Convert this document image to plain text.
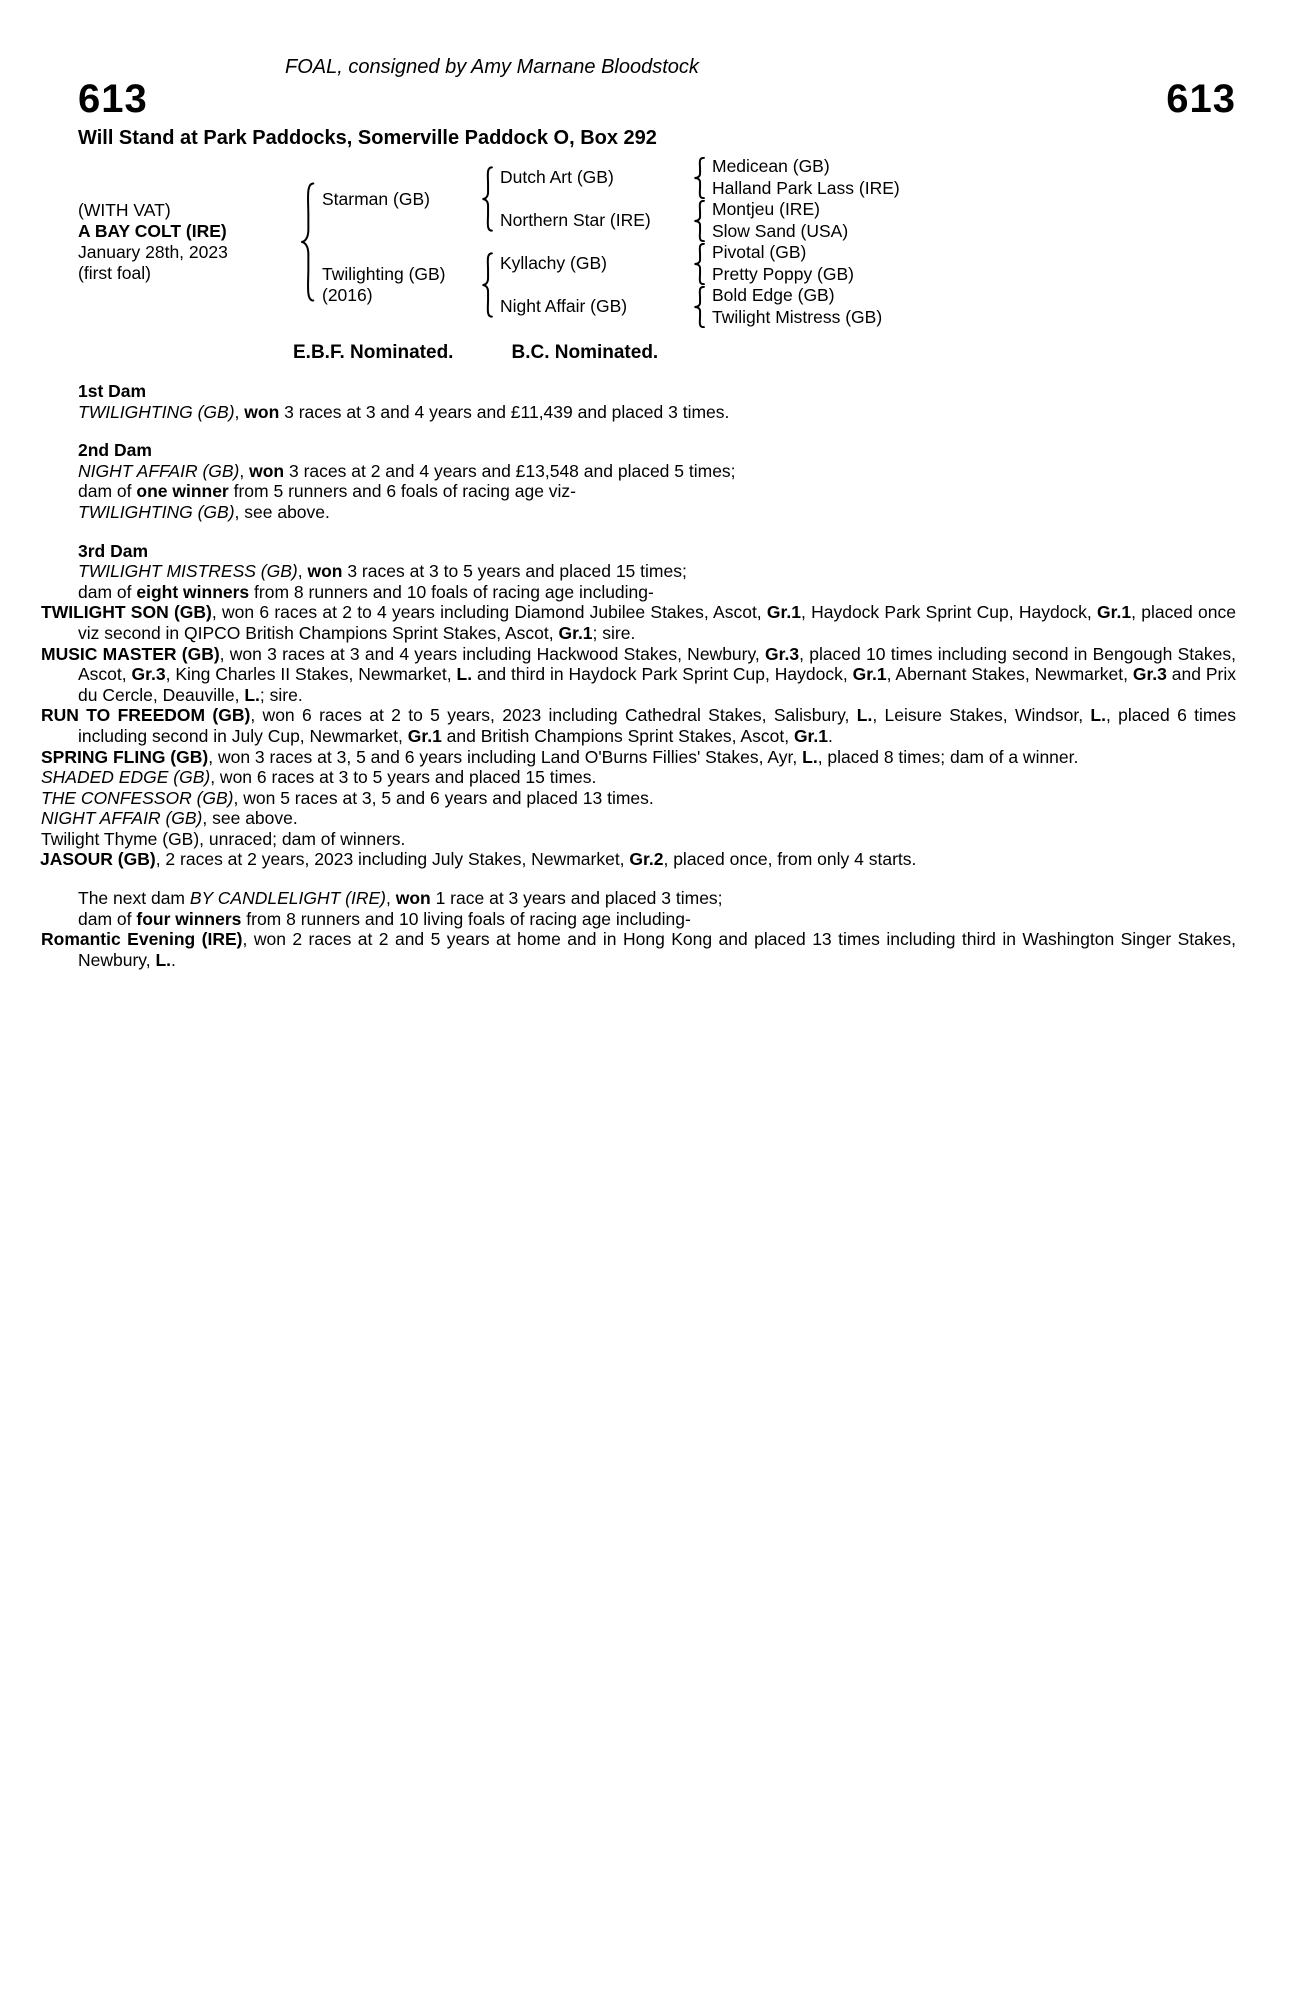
FOAL, consigned by Amy Marnane Bloodstock
613	613
Will Stand at Park Paddocks, Somerville Paddock O, Box 292
(WITH VAT)
A BAY COLT (IRE)
January 28th, 2023
(first foal)
Starman (GB)
Twilighting (GB)
(2016)
Dutch Art (GB)
Northern Star (IRE)
Kyllachy (GB)
Night Affair (GB)
Medicean (GB)
Halland Park Lass (IRE)
Montjeu (IRE)
Slow Sand (USA)
Pivotal (GB)
Pretty Poppy (GB)
Bold Edge (GB)
Twilight Mistress (GB)
E.B.F. Nominated.	B.C. Nominated.

1st Dam

TWILIGHTING (GB), won 3 races at 3 and 4 years and £11,439 and placed 3 times.

2nd Dam

NIGHT AFFAIR (GB), won 3 races at 2 and 4 years and £13,548 and placed 5 times;

dam of one winner from 5 runners and 6 foals of racing age viz-

TWILIGHTING (GB), see above.

3rd Dam

TWILIGHT MISTRESS (GB), won 3 races at 3 to 5 years and placed 15 times;

dam of eight winners from 8 runners and 10 foals of racing age including-

TWILIGHT SON (GB), won 6 races at 2 to 4 years including Diamond Jubilee Stakes, Ascot, Gr.1, Haydock Park Sprint Cup, Haydock, Gr.1, placed once viz second in QIPCO British Champions Sprint Stakes, Ascot, Gr.1; sire.

MUSIC MASTER (GB), won 3 races at 3 and 4 years including Hackwood Stakes, Newbury, Gr.3, placed 10 times including second in Bengough Stakes, Ascot, Gr.3, King Charles II Stakes, Newmarket, L. and third in Haydock Park Sprint Cup, Haydock, Gr.1, Abernant Stakes, Newmarket, Gr.3 and Prix du Cercle, Deauville, L.; sire.

RUN TO FREEDOM (GB), won 6 races at 2 to 5 years, 2023 including Cathedral Stakes, Salisbury, L., Leisure Stakes, Windsor, L., placed 6 times including second in July Cup, Newmarket, Gr.1 and British Champions Sprint Stakes, Ascot, Gr.1.

SPRING FLING (GB), won 3 races at 3, 5 and 6 years including Land O'Burns Fillies' Stakes, Ayr, L., placed 8 times; dam of a winner.

SHADED EDGE (GB), won 6 races at 3 to 5 years and placed 15 times.

THE CONFESSOR (GB), won 5 races at 3, 5 and 6 years and placed 13 times.

NIGHT AFFAIR (GB), see above.

Twilight Thyme (GB), unraced; dam of winners.

JASOUR (GB), 2 races at 2 years, 2023 including July Stakes, Newmarket, Gr.2, placed once, from only 4 starts.

The next dam BY CANDLELIGHT (IRE), won 1 race at 3 years and placed 3 times;

dam of four winners from 8 runners and 10 living foals of racing age including-

Romantic Evening (IRE), won 2 races at 2 and 5 years at home and in Hong Kong and placed 13 times including third in Washington Singer Stakes, Newbury, L..
